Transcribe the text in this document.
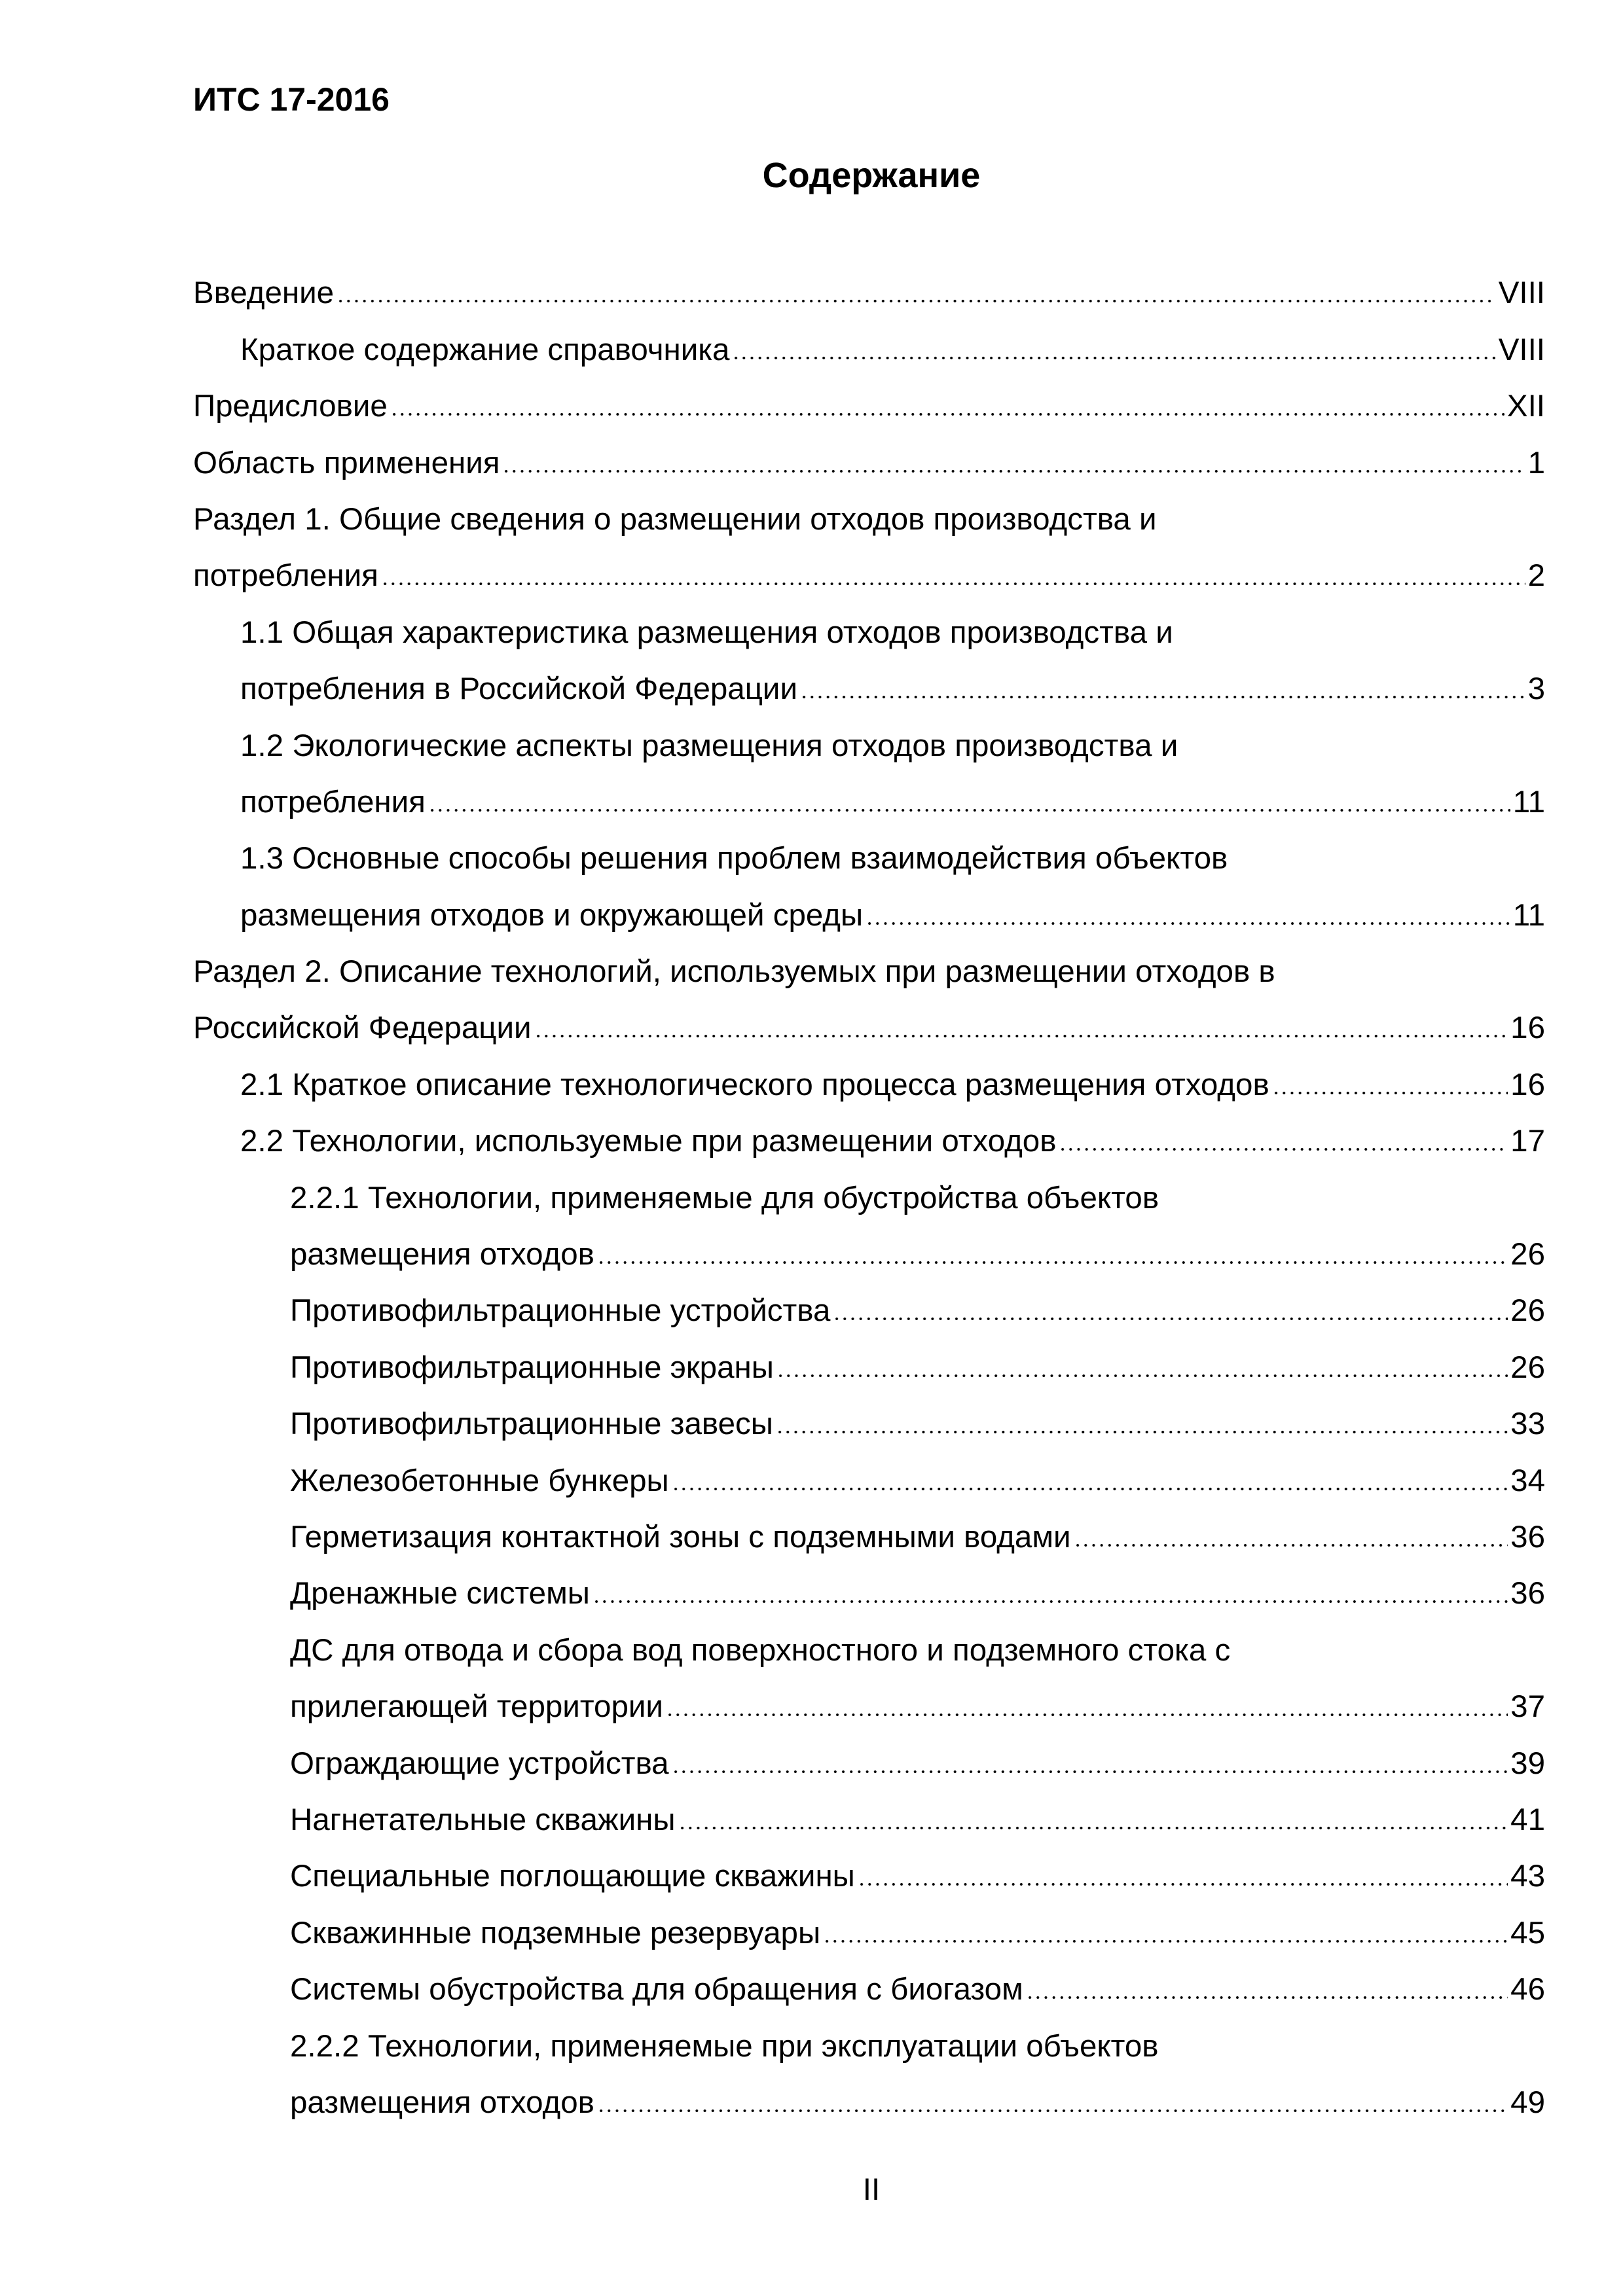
ИТС 17-2016
Содержание
Введение	VIII
Краткое содержание справочника	VIII
Предисловие	XII
Область применения	1
Раздел 1. Общие сведения о размещении отходов производства и
потребления	2
1.1 Общая характеристика размещения отходов производства и
потребления в Российской Федерации	3
1.2 Экологические аспекты размещения отходов производства и
потребления	11
1.3 Основные способы решения проблем взаимодействия объектов
размещения отходов и окружающей среды	11
Раздел 2. Описание технологий, используемых при размещении отходов в
Российской Федерации	16
2.1 Краткое описание технологического процесса размещения отходов	16
2.2 Технологии, используемые при размещении отходов	17
2.2.1 Технологии, применяемые для обустройства объектов
размещения отходов	26
Противофильтрационные устройства	26
Противофильтрационные экраны	26
Противофильтрационные завесы	33
Железобетонные бункеры	34
Герметизация контактной зоны с подземными водами	36
Дренажные системы	36
ДС для отвода и сбора вод поверхностного и подземного стока с
прилегающей территории	37
Ограждающие устройства	39
Нагнетательные скважины	41
Специальные поглощающие скважины	43
Скважинные подземные резервуары	45
Системы обустройства для обращения с биогазом	46
2.2.2 Технологии, применяемые при эксплуатации объектов
размещения отходов	49
II
